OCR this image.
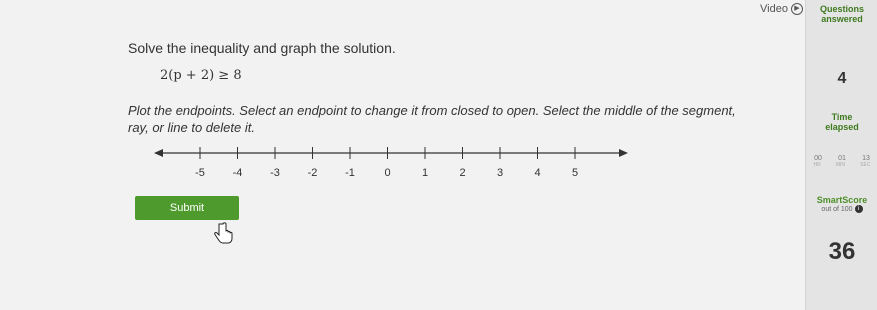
Video ▶
Solve the inequality and graph the solution.
2(p + 2) ≥ 8
Plot the endpoints. Select an endpoint to change it from closed to open. Select the middle of the segment, ray, or line to delete it.
-5	-4	-3	-2	-1	0	1	2	3	4	5
Submit
Questions
answered
4
Time
elapsed
00 01 13
HR	MIN	SEC
SmartScore
out of 100 i
36
